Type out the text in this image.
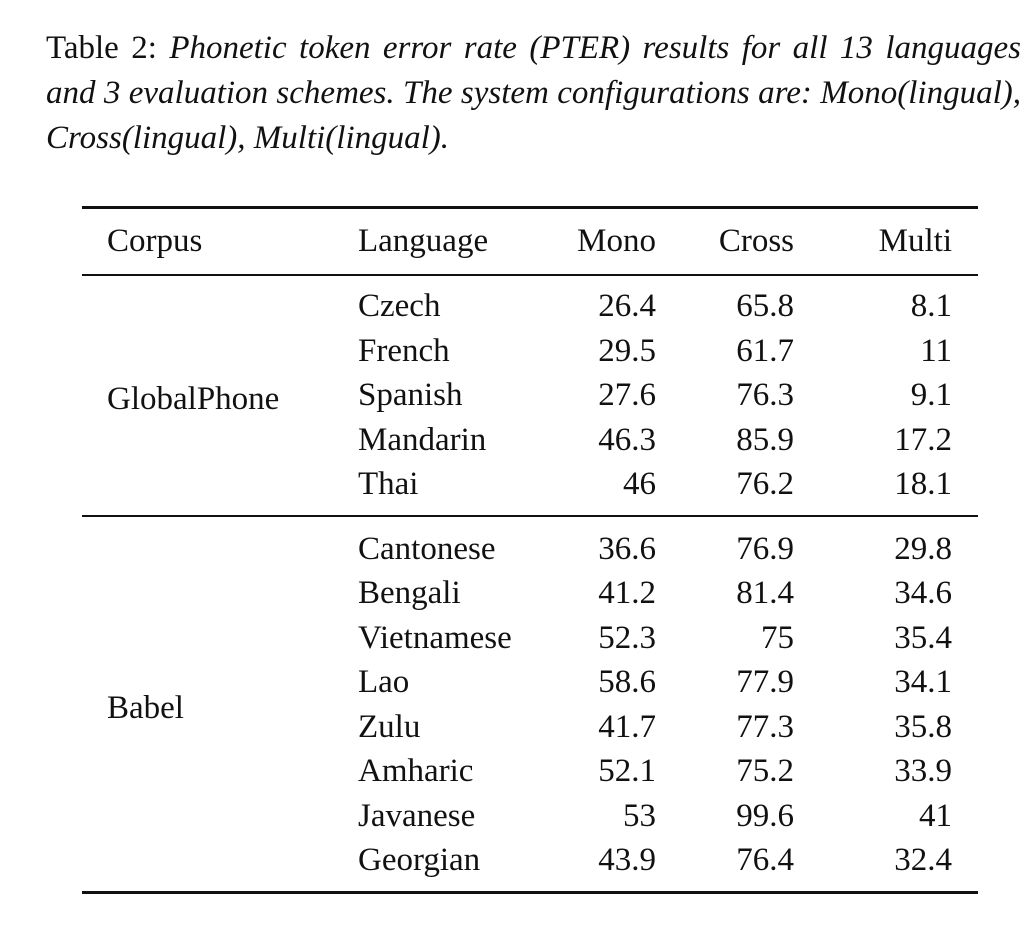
Table 2: Phonetic token error rate (PTER) results for all 13 languages and 3 evaluation schemes. The system configurations are: Mono(lingual), Cross(lingual), Multi(lingual).
Corpus	Language	Mono	Cross	Multi
GlobalPhone	Czech	26.4	65.8	8.1
	French	29.5	61.7	11
	Spanish	27.6	76.3	9.1
	Mandarin	46.3	85.9	17.2
	Thai	46	76.2	18.1
Babel	Cantonese	36.6	76.9	29.8
	Bengali	41.2	81.4	34.6
	Vietnamese	52.3	75	35.4
	Lao	58.6	77.9	34.1
	Zulu	41.7	77.3	35.8
	Amharic	52.1	75.2	33.9
	Javanese	53	99.6	41
	Georgian	43.9	76.4	32.4
